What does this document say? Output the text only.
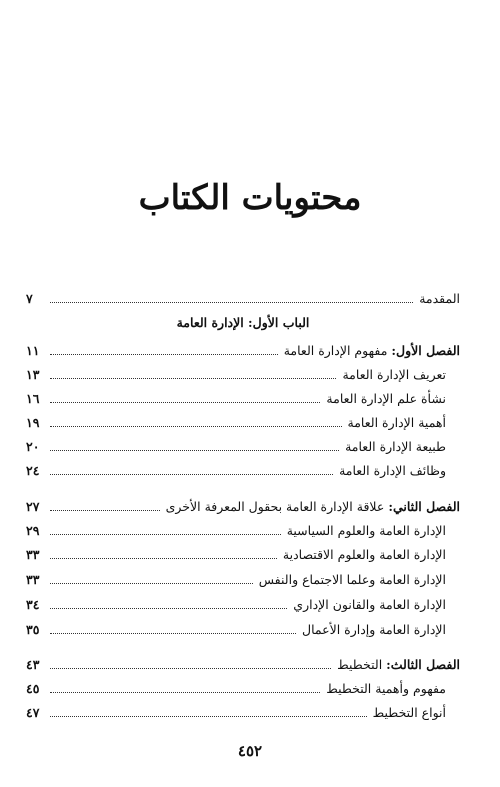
محتويات الكتاب
المقدمة
٧
الباب الأول: الإدارة العامة
الفصل الأول:
مفهوم الإدارة العامة
١١
تعريف الإدارة العامة
١٣
نشأة علم الإدارة العامة
١٦
أهمية الإدارة العامة
١٩
طبيعة الإدارة العامة
٢٠
وظائف الإدارة العامة
٢٤
الفصل الثاني:
علاقة الإدارة العامة بحقول المعرفة الأخرى
٢٧
الإدارة العامة والعلوم السياسية
٢٩
الإدارة العامة والعلوم الاقتصادية
٣٣
الإدارة العامة وعلما الاجتماع والنفس
٣٣
الإدارة العامة والقانون الإداري
٣٤
الإدارة العامة وإدارة الأعمال
٣٥
الفصل الثالث:
التخطيط
٤٣
مفهوم وأهمية التخطيط
٤٥
أنواع التخطيط
٤٧
٤٥٢
